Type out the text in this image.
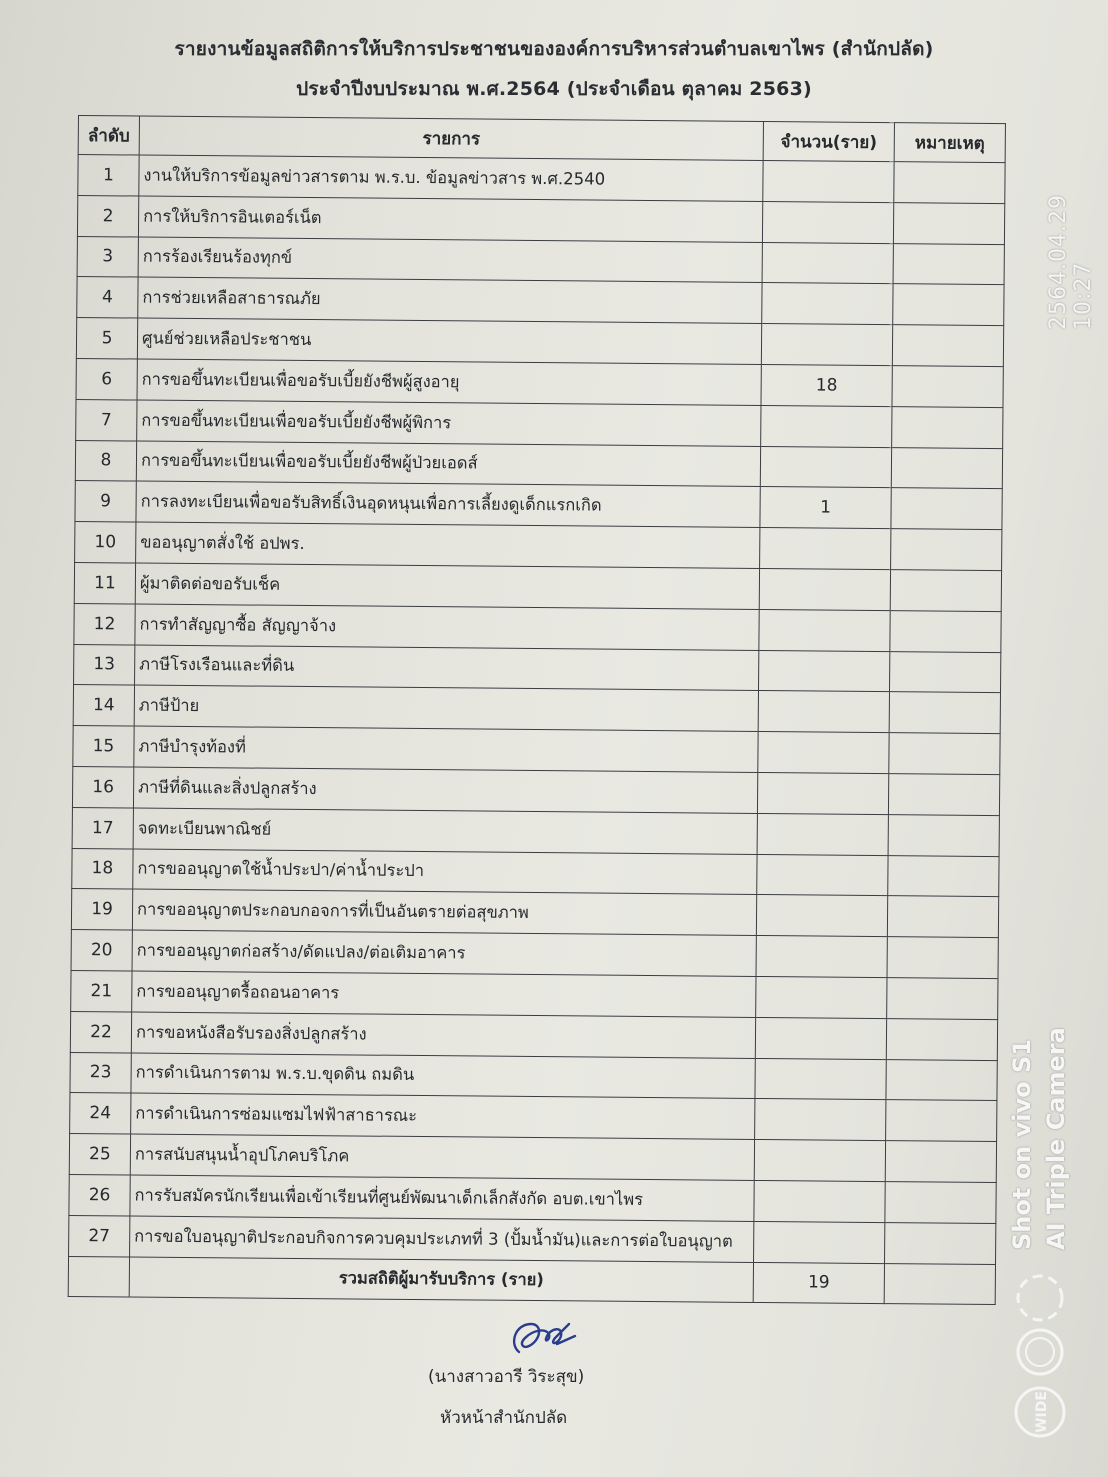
รายงานข้อมูลสถิติการให้บริการประชาชนขององค์การบริหารส่วนตำบลเขาไพร (สำนักปลัด)
ประจำปีงบประมาณ พ.ศ.2564 (ประจำเดือน ตุลาคม 2563)
ลำดับ	รายการ	จำนวน(ราย)	หมายเหตุ
1	งานให้บริการข้อมูลข่าวสารตาม พ.ร.บ. ข้อมูลข่าวสาร พ.ศ.2540		
2	การให้บริการอินเตอร์เน็ต		
3	การร้องเรียนร้องทุกข์		
4	การช่วยเหลือสาธารณภัย		
5	ศูนย์ช่วยเหลือประชาชน		
6	การขอขึ้นทะเบียนเพื่อขอรับเบี้ยยังชีพผู้สูงอายุ	18	
7	การขอขึ้นทะเบียนเพื่อขอรับเบี้ยยังชีพผู้พิการ		
8	การขอขึ้นทะเบียนเพื่อขอรับเบี้ยยังชีพผู้ป่วยเอดส์		
9	การลงทะเบียนเพื่อขอรับสิทธิ์เงินอุดหนุนเพื่อการเลี้ยงดูเด็กแรกเกิด	1	
10	ขออนุญาตสั่งใช้ อปพร.		
11	ผู้มาติดต่อขอรับเช็ค		
12	การทำสัญญาซื้อ สัญญาจ้าง		
13	ภาษีโรงเรือนและที่ดิน		
14	ภาษีป้าย		
15	ภาษีบำรุงท้องที่		
16	ภาษีที่ดินและสิ่งปลูกสร้าง		
17	จดทะเบียนพาณิชย์		
18	การขออนุญาตใช้น้ำประปา/ค่าน้ำประปา		
19	การขออนุญาตประกอบกอจการที่เป็นอันตรายต่อสุขภาพ		
20	การขออนุญาตก่อสร้าง/ดัดแปลง/ต่อเติมอาคาร		
21	การขออนุญาตรื้อถอนอาคาร		
22	การขอหนังสือรับรองสิ่งปลูกสร้าง		
23	การดำเนินการตาม พ.ร.บ.ขุดดิน ถมดิน		
24	การดำเนินการซ่อมแซมไฟฟ้าสาธารณะ		
25	การสนับสนุนน้ำอุปโภคบริโภค		
26	การรับสมัครนักเรียนเพื่อเข้าเรียนที่ศูนย์พัฒนาเด็กเล็กสังกัด อบต.เขาไพร		
27	การขอใบอนุญาติประกอบกิจการควบคุมประเภทที่ 3 (ปั้มน้ำมัน)และการต่อใบอนุญาต		
	รวมสถิติผู้มารับบริการ (ราย)	19	
(นางสาวอารี วิระสุข)
หัวหน้าสำนักปลัด
2564.04.29 10:27
Shot on vivo S1 AI Triple Camera
WIDE
